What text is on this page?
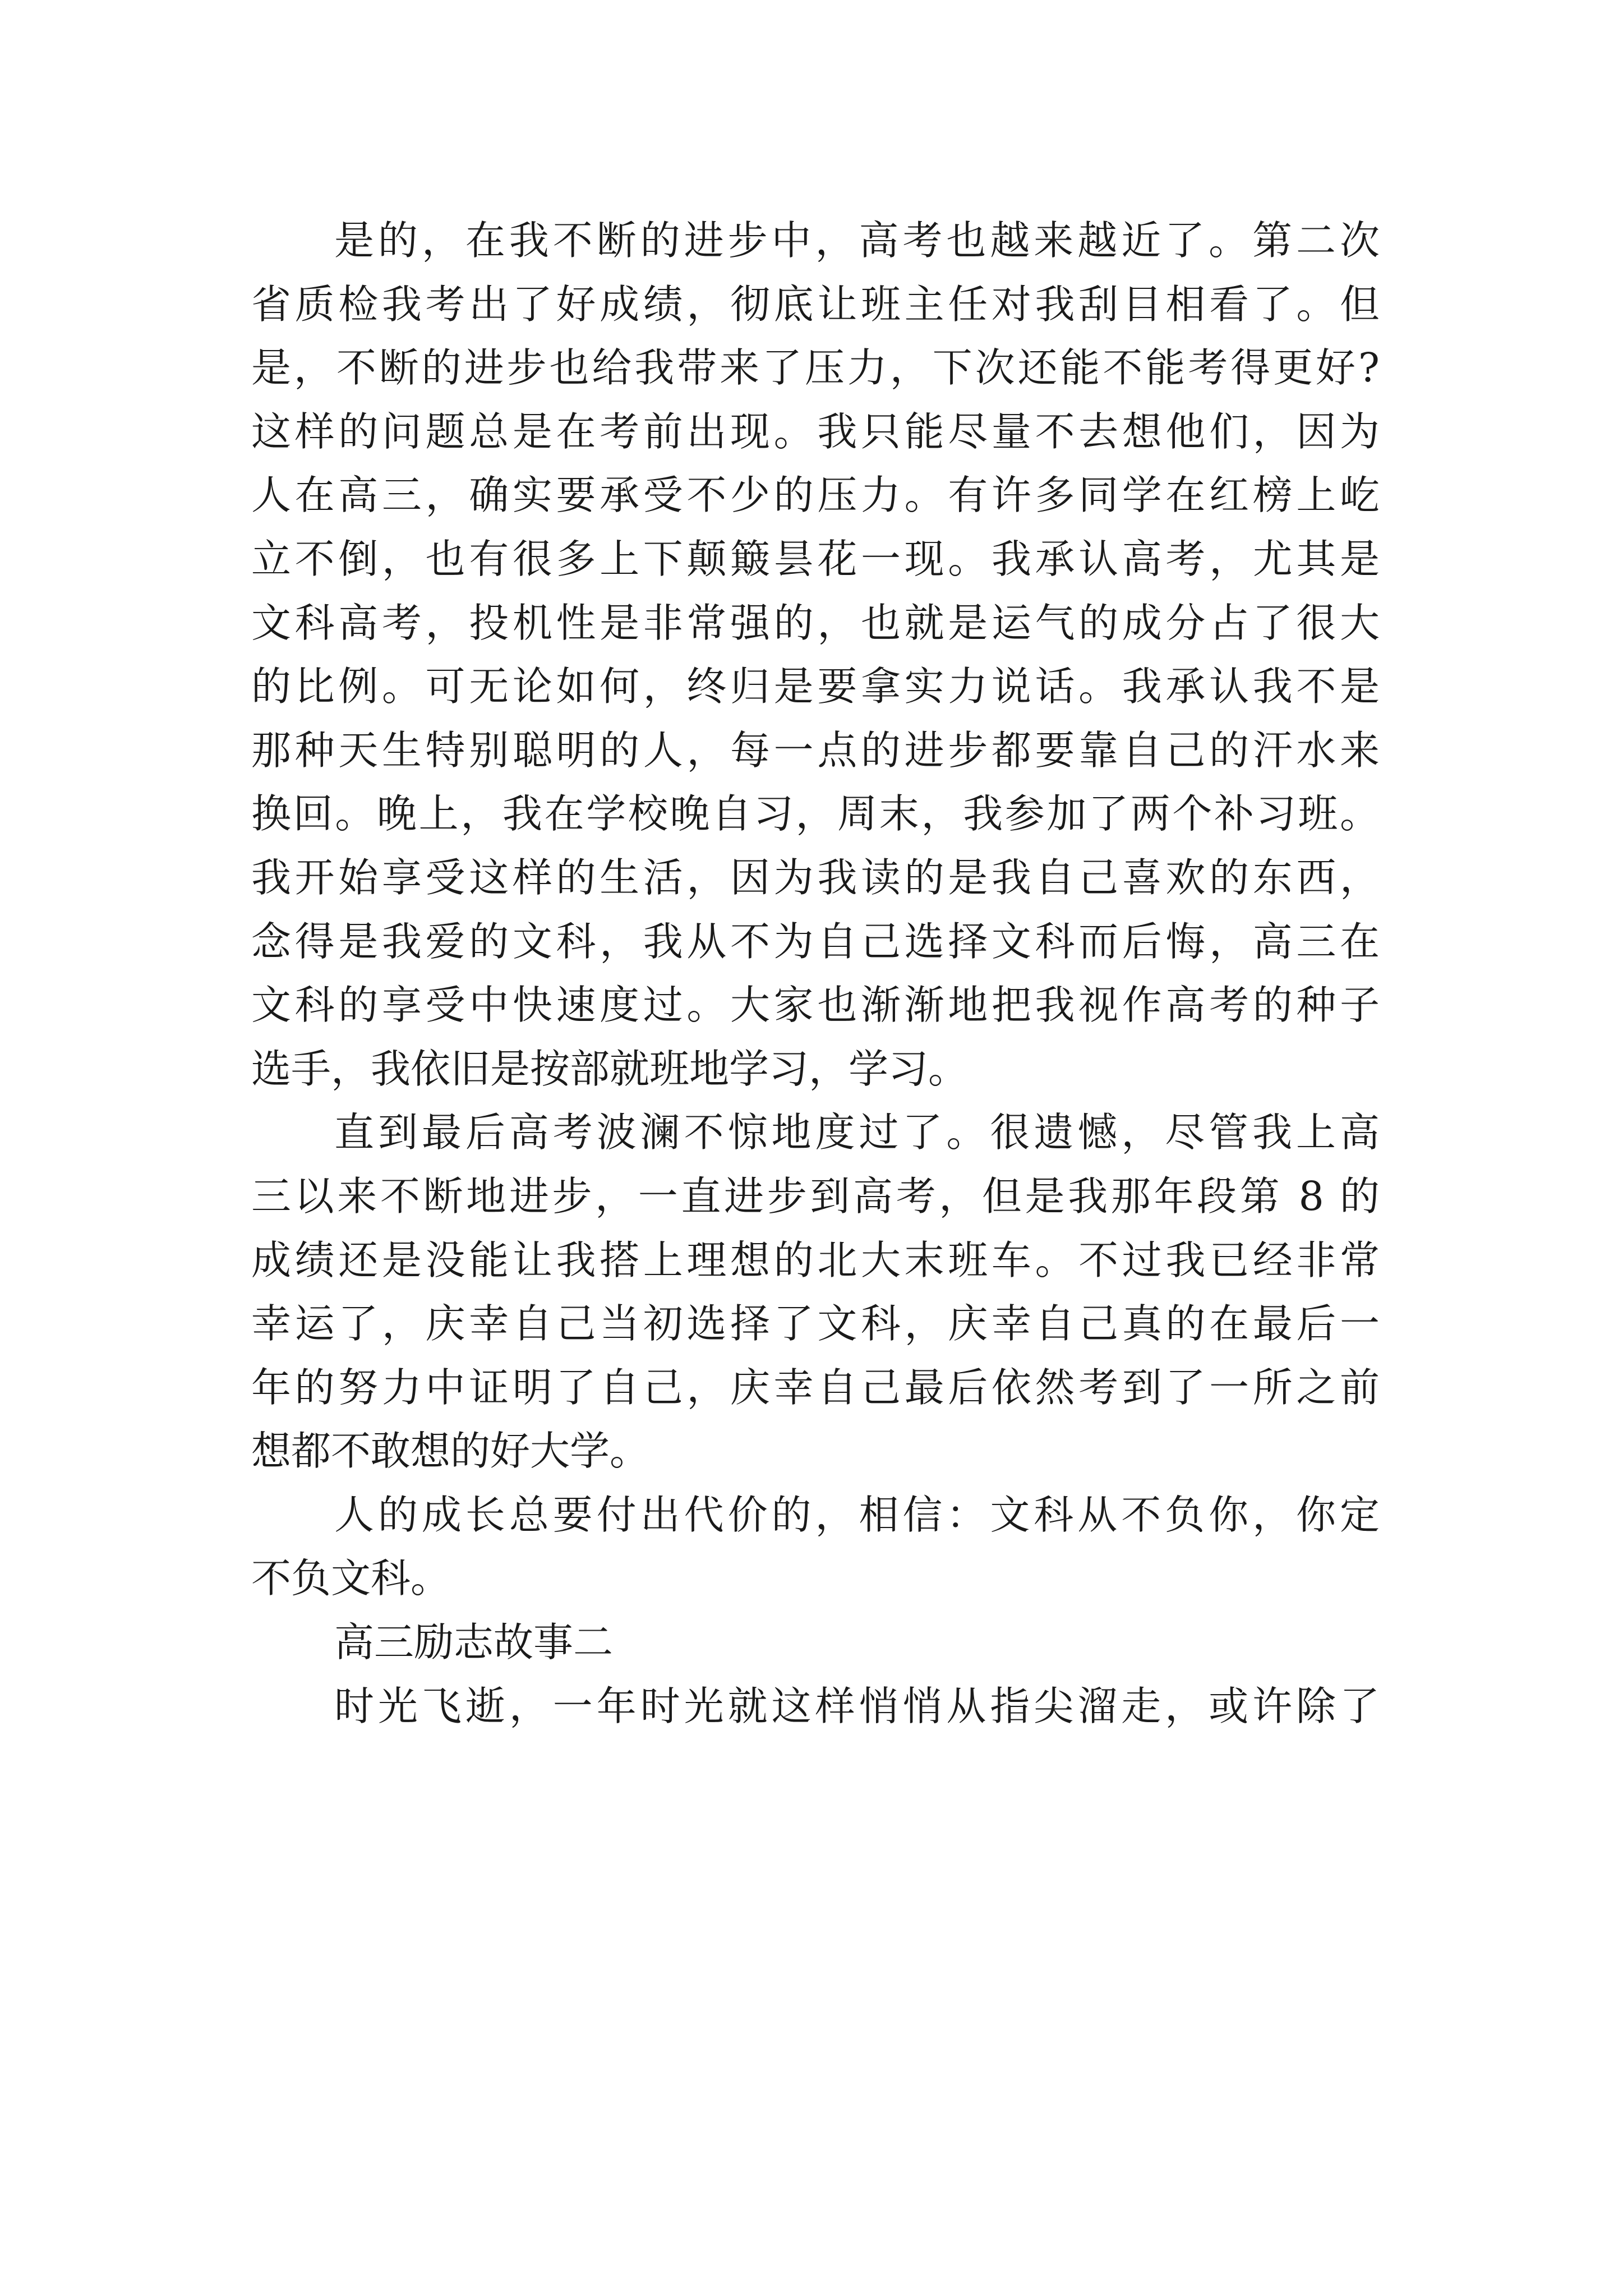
是的，在我不断的进步中，高考也越来越近了。第二次
省质检我考出了好成绩，彻底让班主任对我刮目相看了。但
是，不断的进步也给我带来了压力，下次还能不能考得更好?
这样的问题总是在考前出现。我只能尽量不去想他们，因为
人在高三，确实要承受不少的压力。有许多同学在红榜上屹
立不倒，也有很多上下颠簸昙花一现。我承认高考，尤其是
文科高考，投机性是非常强的，也就是运气的成分占了很大
的比例。可无论如何，终归是要拿实力说话。我承认我不是
那种天生特别聪明的人，每一点的进步都要靠自己的汗水来
换回。晚上，我在学校晚自习，周末，我参加了两个补习班。
我开始享受这样的生活，因为我读的是我自己喜欢的东西，
念得是我爱的文科，我从不为自己选择文科而后悔，高三在
文科的享受中快速度过。大家也渐渐地把我视作高考的种子
选手，我依旧是按部就班地学习，学习。
直到最后高考波澜不惊地度过了。很遗憾，尽管我上高
三以来不断地进步，一直进步到高考，但是我那年段第 8 的
成绩还是没能让我搭上理想的北大末班车。不过我已经非常
幸运了，庆幸自己当初选择了文科，庆幸自己真的在最后一
年的努力中证明了自己，庆幸自己最后依然考到了一所之前
想都不敢想的好大学。
人的成长总要付出代价的，相信：文科从不负你，你定
不负文科。
高三励志故事二
时光飞逝，一年时光就这样悄悄从指尖溜走，或许除了
